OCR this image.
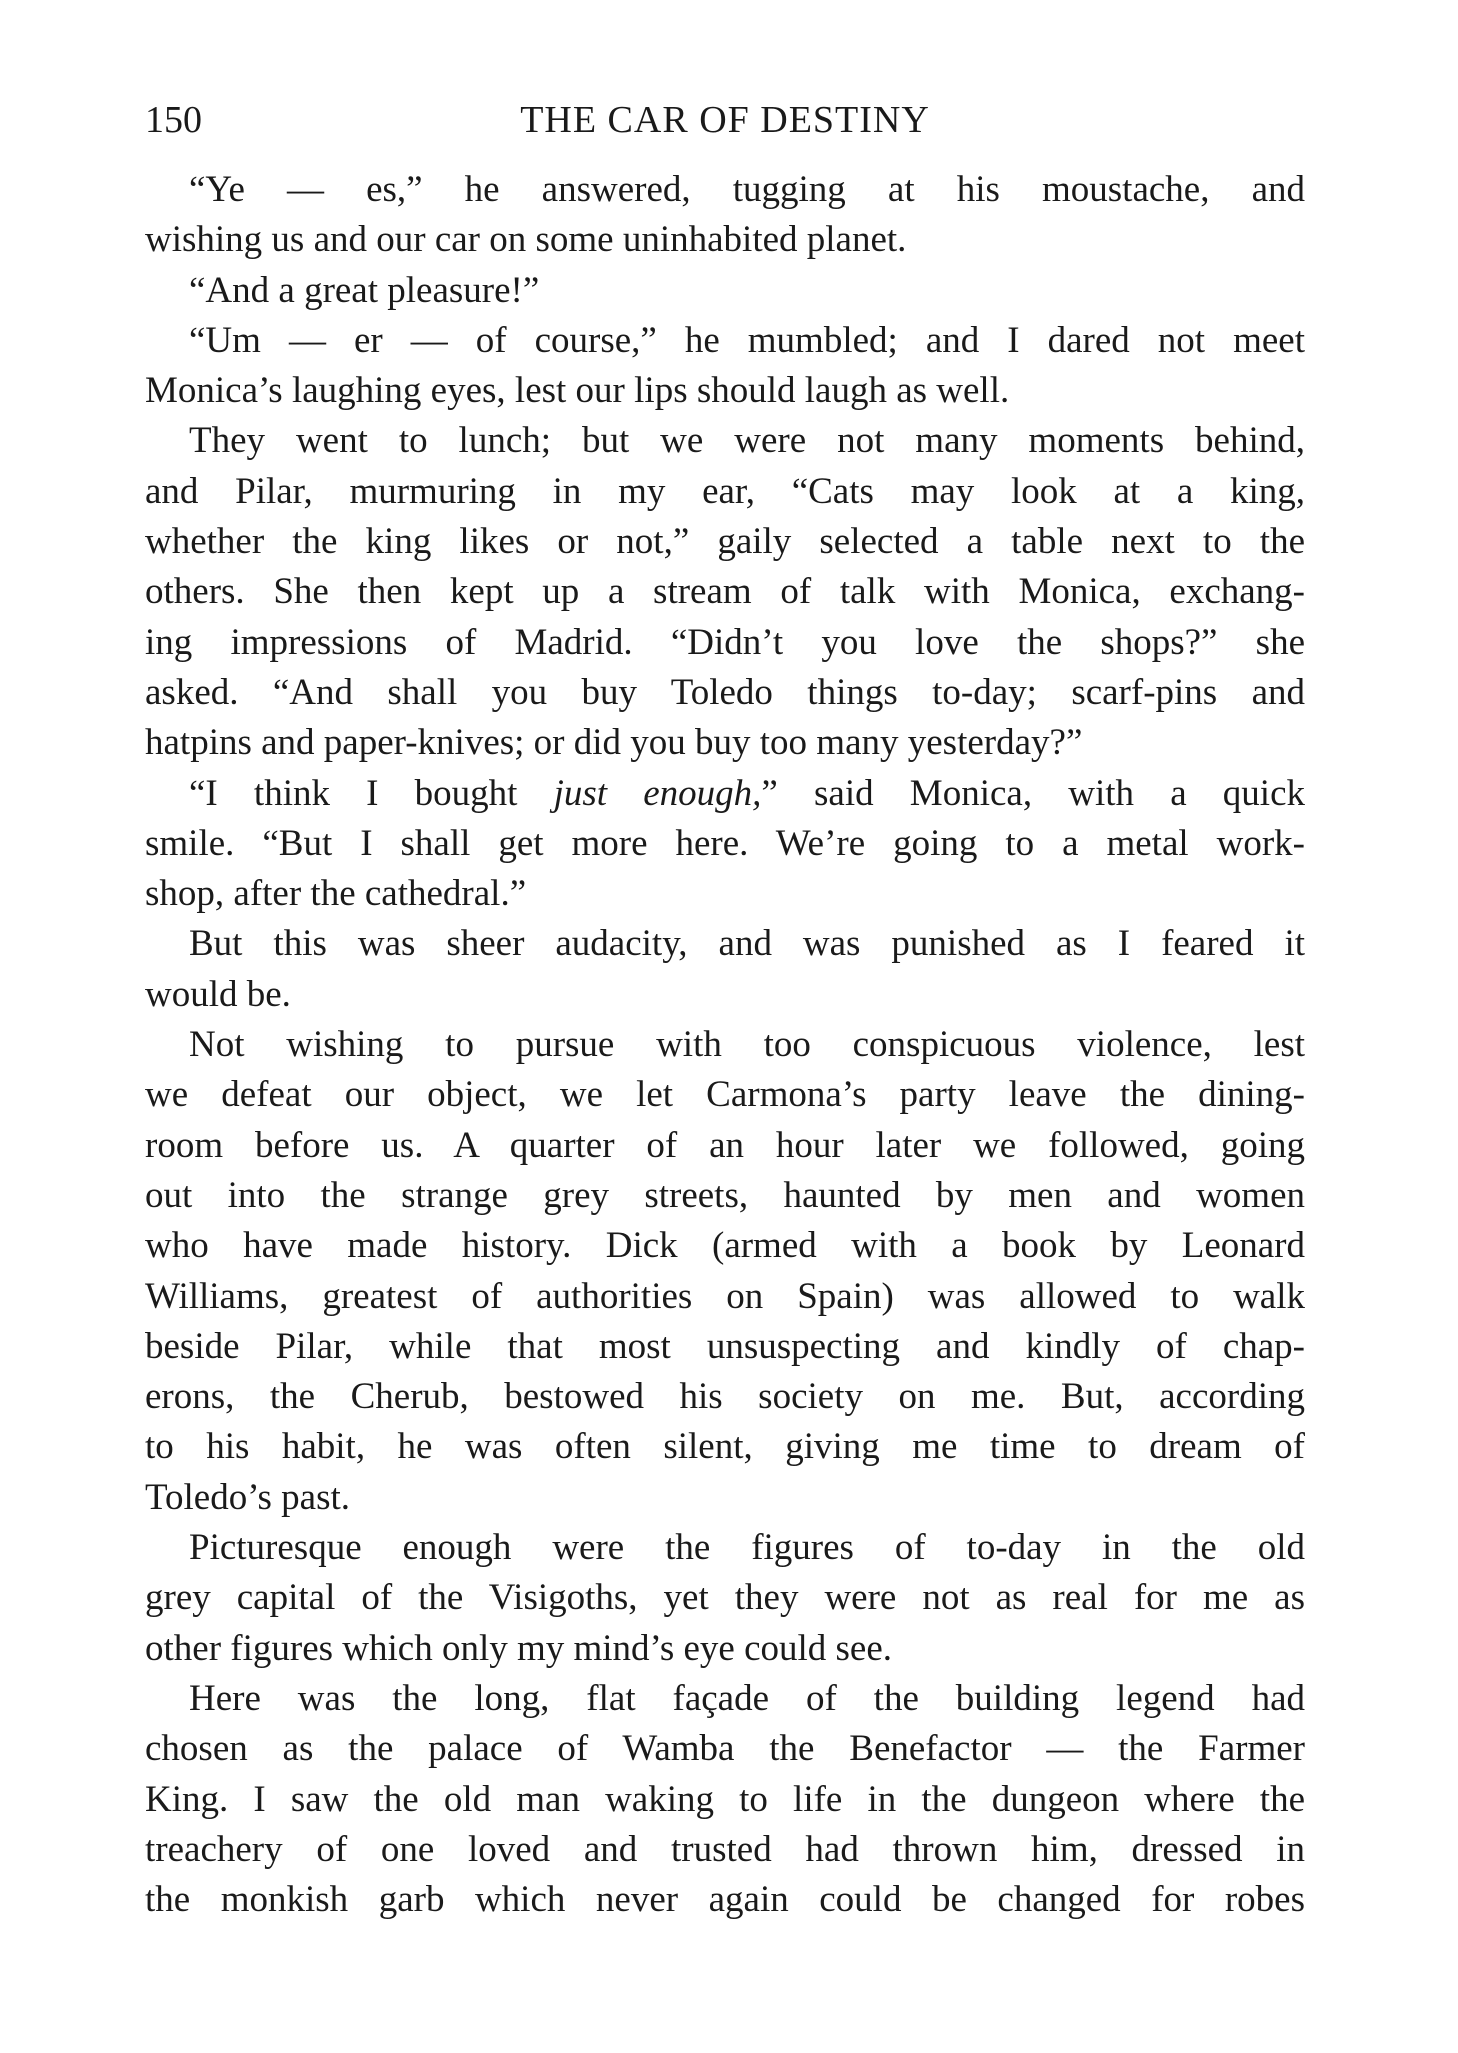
150	THE CAR OF DESTINY
“Ye — es,” he answered, tugging at his moustache, and
wishing us and our car on some uninhabited planet.
“And a great pleasure!”
“Um — er — of course,” he mumbled; and I dared not meet
Monica’s laughing eyes, lest our lips should laugh as well.
They went to lunch; but we were not many moments behind,
and Pilar, murmuring in my ear, “Cats may look at a king,
whether the king likes or not,” gaily selected a table next to the
others. She then kept up a stream of talk with Monica, exchang-
ing impressions of Madrid. “Didn’t you love the shops?” she
asked. “And shall you buy Toledo things to-day; scarf-pins and
hatpins and paper-knives; or did you buy too many yesterday?”
“I think I bought just enough,” said Monica, with a quick
smile. “But I shall get more here. We’re going to a metal work-
shop, after the cathedral.”
But this was sheer audacity, and was punished as I feared it
would be.
Not wishing to pursue with too conspicuous violence, lest
we defeat our object, we let Carmona’s party leave the dining-
room before us. A quarter of an hour later we followed, going
out into the strange grey streets, haunted by men and women
who have made history. Dick (armed with a book by Leonard
Williams, greatest of authorities on Spain) was allowed to walk
beside Pilar, while that most unsuspecting and kindly of chap-
erons, the Cherub, bestowed his society on me. But, according
to his habit, he was often silent, giving me time to dream of
Toledo’s past.
Picturesque enough were the figures of to-day in the old
grey capital of the Visigoths, yet they were not as real for me as
other figures which only my mind’s eye could see.
Here was the long, flat façade of the building legend had
chosen as the palace of Wamba the Benefactor — the Farmer
King. I saw the old man waking to life in the dungeon where the
treachery of one loved and trusted had thrown him, dressed in
the monkish garb which never again could be changed for robes
